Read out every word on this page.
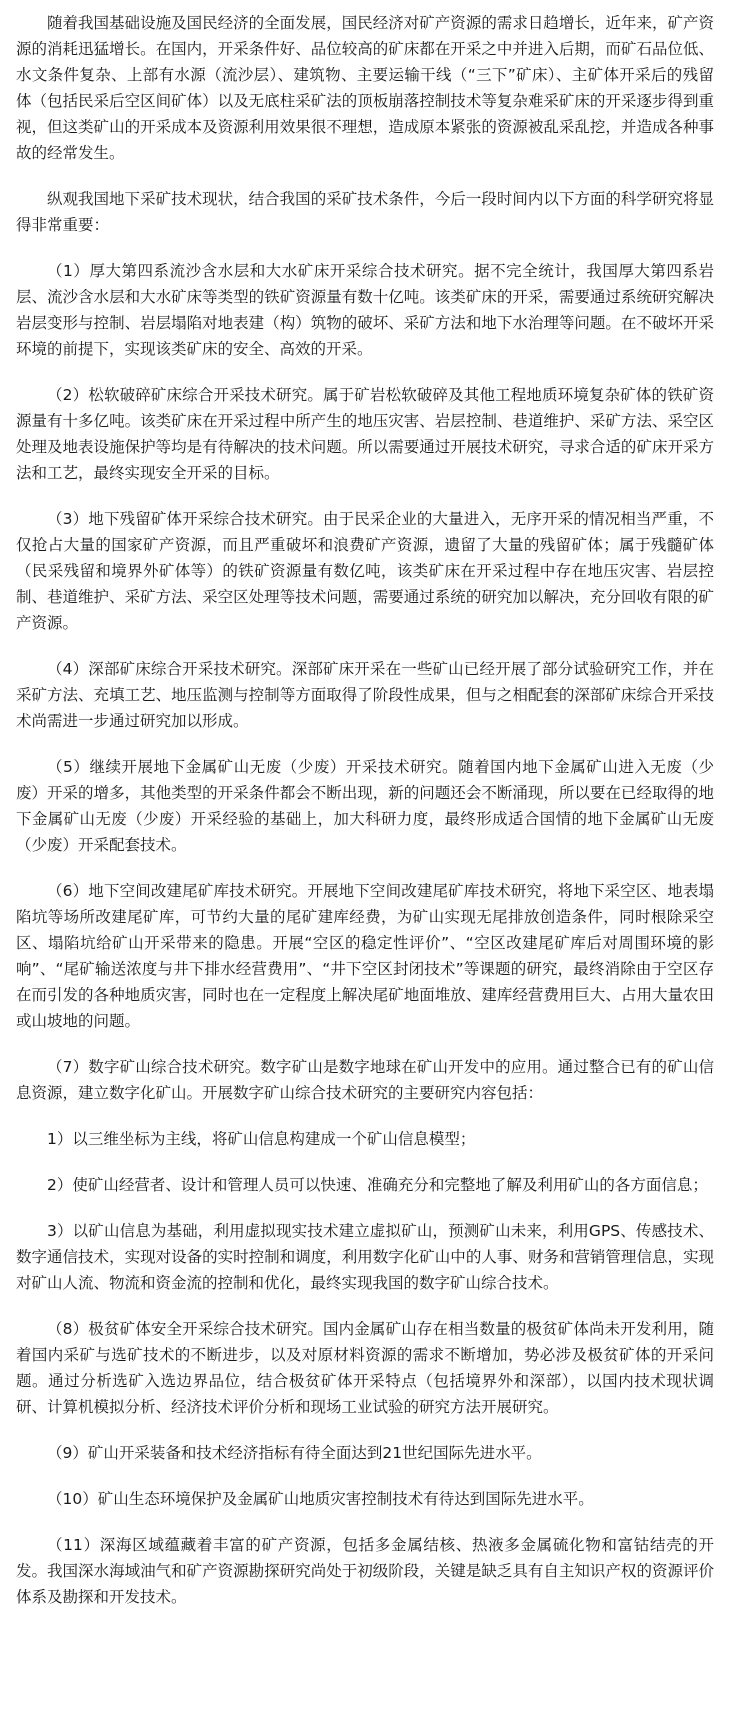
随着我国基础设施及国民经济的全面发展，国民经济对矿产资源的需求日趋增长，近年来，矿产资源的消耗迅猛增长。在国内，开采条件好、品位较高的矿床都在开采之中并进入后期，而矿石品位低、水文条件复杂、上部有水源（流沙层）、建筑物、主要运输干线（“三下”矿床）、主矿体开采后的残留体（包括民采后空区间矿体）以及无底柱采矿法的顶板崩落控制技术等复杂难采矿床的开采逐步得到重视，但这类矿山的开采成本及资源利用效果很不理想，造成原本紧张的资源被乱采乱挖，并造成各种事故的经常发生。

纵观我国地下采矿技术现状，结合我国的采矿技术条件，今后一段时间内以下方面的科学研究将显得非常重要：

（1）厚大第四系流沙含水层和大水矿床开采综合技术研究。据不完全统计，我国厚大第四系岩层、流沙含水层和大水矿床等类型的铁矿资源量有数十亿吨。该类矿床的开采，需要通过系统研究解决岩层变形与控制、岩层塌陷对地表建（构）筑物的破坏、采矿方法和地下水治理等问题。在不破坏开采环境的前提下，实现该类矿床的安全、高效的开采。

（2）松软破碎矿床综合开采技术研究。属于矿岩松软破碎及其他工程地质环境复杂矿体的铁矿资源量有十多亿吨。该类矿床在开采过程中所产生的地压灾害、岩层控制、巷道维护、采矿方法、采空区处理及地表设施保护等均是有待解决的技术问题。所以需要通过开展技术研究，寻求合适的矿床开采方法和工艺，最终实现安全开采的目标。

（3）地下残留矿体开采综合技术研究。由于民采企业的大量进入，无序开采的情况相当严重，不仅抢占大量的国家矿产资源，而且严重破坏和浪费矿产资源，遗留了大量的残留矿体；属于残髓矿体（民采残留和境界外矿体等）的铁矿资源量有数亿吨，该类矿床在开采过程中存在地压灾害、岩层控制、巷道维护、采矿方法、采空区处理等技术问题，需要通过系统的研究加以解决，充分回收有限的矿产资源。

（4）深部矿床综合开采技术研究。深部矿床开采在一些矿山已经开展了部分试验研究工作，并在采矿方法、充填工艺、地压监测与控制等方面取得了阶段性成果，但与之相配套的深部矿床综合开采技术尚需进一步通过研究加以形成。

（5）继续开展地下金属矿山无废（少废）开采技术研究。随着国内地下金属矿山进入无废（少废）开采的增多，其他类型的开采条件都会不断出现，新的问题还会不断涌现，所以要在已经取得的地下金属矿山无废（少废）开采经验的基础上，加大科研力度，最终形成适合国情的地下金属矿山无废（少废）开采配套技术。

（6）地下空间改建尾矿库技术研究。开展地下空间改建尾矿库技术研究，将地下采空区、地表塌陷坑等场所改建尾矿库，可节约大量的尾矿建库经费，为矿山实现无尾排放创造条件，同时根除采空区、塌陷坑给矿山开采带来的隐患。开展“空区的稳定性评价”、“空区改建尾矿库后对周围环境的影响”、“尾矿输送浓度与井下排水经营费用”、“井下空区封闭技术”等课题的研究，最终消除由于空区存在而引发的各种地质灾害，同时也在一定程度上解决尾矿地面堆放、建库经营费用巨大、占用大量农田或山坡地的问题。

（7）数字矿山综合技术研究。数字矿山是数字地球在矿山开发中的应用。通过整合已有的矿山信息资源，建立数字化矿山。开展数字矿山综合技术研究的主要研究内容包括：

1）以三维坐标为主线，将矿山信息构建成一个矿山信息模型；

2）使矿山经营者、设计和管理人员可以快速、准确充分和完整地了解及利用矿山的各方面信息；

3）以矿山信息为基础，利用虚拟现实技术建立虚拟矿山，预测矿山未来，利用GPS、传感技术、数字通信技术，实现对设备的实时控制和调度，利用数字化矿山中的人事、财务和营销管理信息，实现对矿山人流、物流和资金流的控制和优化，最终实现我国的数字矿山综合技术。

（8）极贫矿体安全开采综合技术研究。国内金属矿山存在相当数量的极贫矿体尚未开发利用，随着国内采矿与选矿技术的不断进步，以及对原材料资源的需求不断增加，势必涉及极贫矿体的开采问题。通过分析选矿入选边界品位，结合极贫矿体开采特点（包括境界外和深部），以国内技术现状调研、计算机模拟分析、经济技术评价分析和现场工业试验的研究方法开展研究。

（9）矿山开采装备和技术经济指标有待全面达到21世纪国际先进水平。

（10）矿山生态环境保护及金属矿山地质灾害控制技术有待达到国际先进水平。

（11）深海区域蕴藏着丰富的矿产资源，包括多金属结核、热液多金属硫化物和富钴结壳的开发。我国深水海域油气和矿产资源勘探研究尚处于初级阶段，关键是缺乏具有自主知识产权的资源评价体系及勘探和开发技术。
